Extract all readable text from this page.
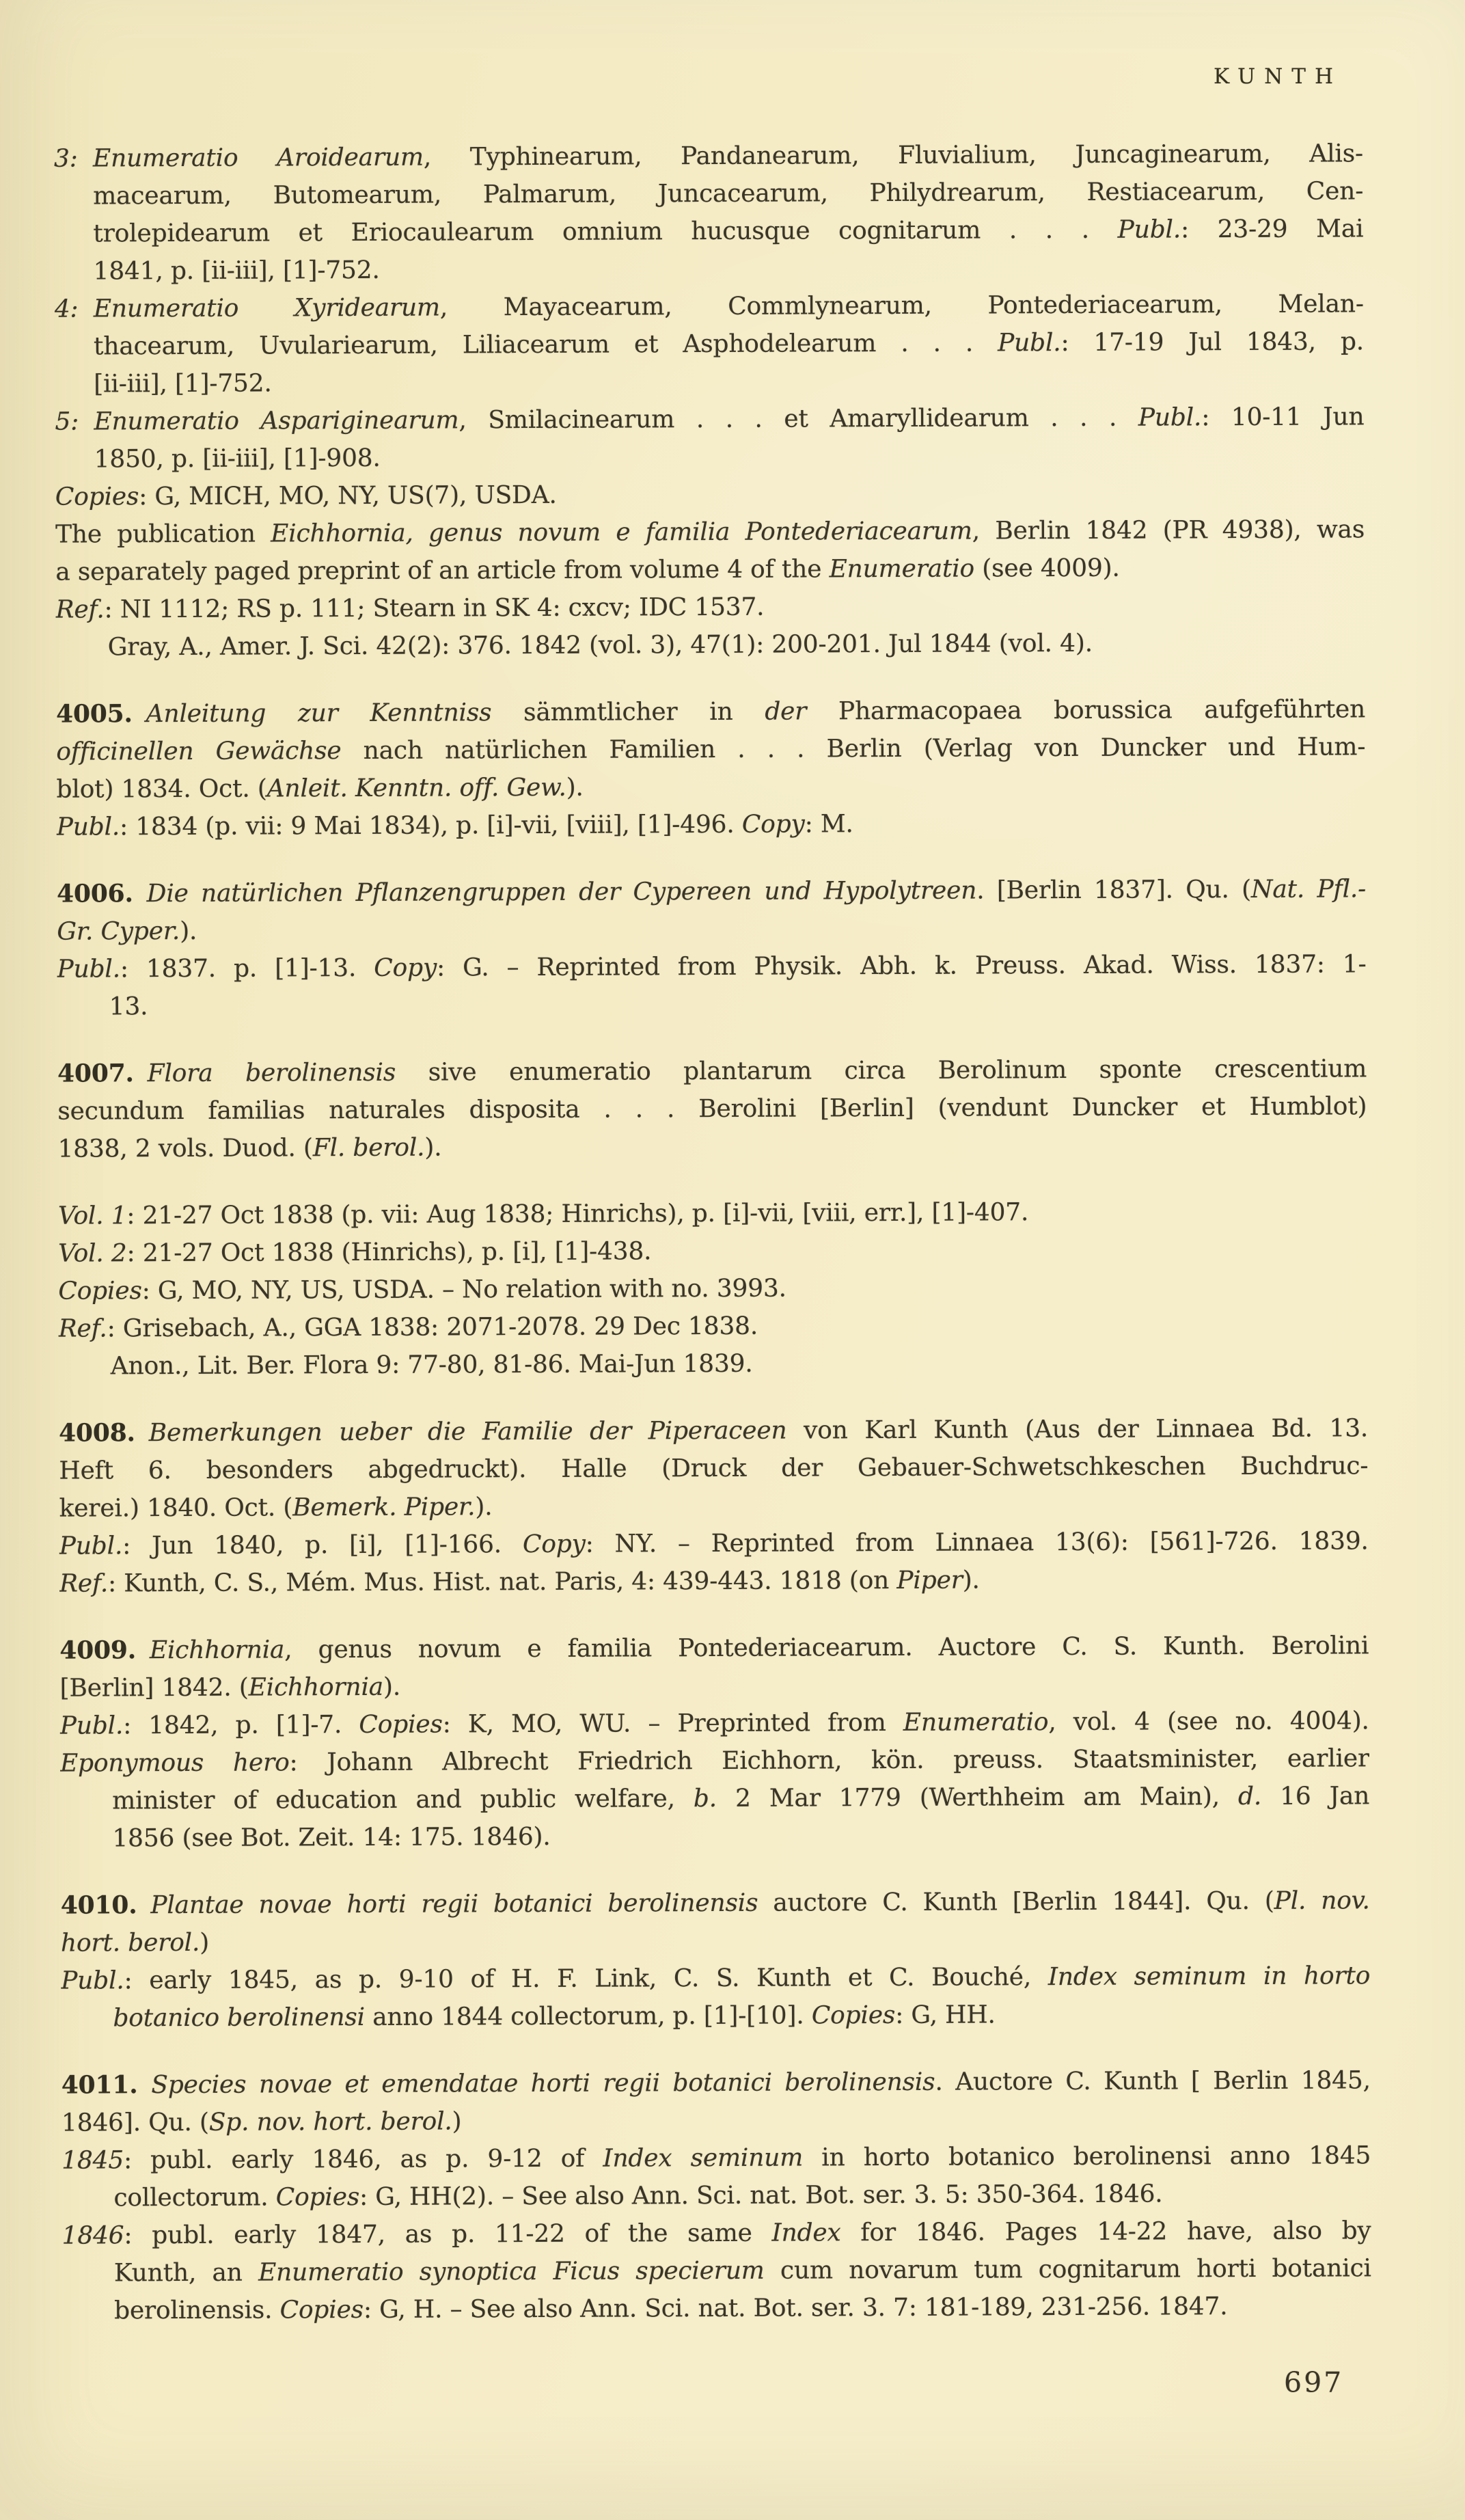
KUNTH
3: Enumeratio Aroidearum, Typhinearum, Pandanearum, Fluvialium, Juncaginearum, Alis-
macearum, Butomearum, Palmarum, Juncacearum, Philydrearum, Restiacearum, Cen-
trolepidearum et Eriocaulearum omnium hucusque cognitarum . . . Publ.: 23-29 Mai
1841, p. [ii-iii], [1]-752.
4: Enumeratio Xyridearum, Mayacearum, Commlynearum, Pontederiacearum, Melan-
thacearum, Uvulariearum, Liliacearum et Asphodelearum . . . Publ.: 17-19 Jul 1843, p.
[ii-iii], [1]-752.
5: Enumeratio Aspariginearum, Smilacinearum . . . et Amaryllidearum . . . Publ.: 10-11 Jun
1850, p. [ii-iii], [1]-908.
Copies: G, MICH, MO, NY, US(7), USDA.
The publication Eichhornia, genus novum e familia Pontederiacearum, Berlin 1842 (PR 4938), was
a separately paged preprint of an article from volume 4 of the Enumeratio (see 4009).
Ref.: NI 1112; RS p. 111; Stearn in SK 4: cxcv; IDC 1537.
Gray, A., Amer. J. Sci. 42(2): 376. 1842 (vol. 3), 47(1): 200-201. Jul 1844 (vol. 4).
4005. Anleitung zur Kenntniss sämmtlicher in der Pharmacopaea borussica aufgeführten
officinellen Gewächse nach natürlichen Familien . . . Berlin (Verlag von Duncker und Hum-
blot) 1834. Oct. (Anleit. Kenntn. off. Gew.).
Publ.: 1834 (p. vii: 9 Mai 1834), p. [i]-vii, [viii], [1]-496. Copy: M.
4006. Die natürlichen Pflanzengruppen der Cypereen und Hypolytreen. [Berlin 1837]. Qu. (Nat. Pfl.-
Gr. Cyper.).
Publ.: 1837. p. [1]-13. Copy: G. – Reprinted from Physik. Abh. k. Preuss. Akad. Wiss. 1837: 1-
13.
4007. Flora berolinensis sive enumeratio plantarum circa Berolinum sponte crescentium
secundum familias naturales disposita . . . Berolini [Berlin] (vendunt Duncker et Humblot)
1838, 2 vols. Duod. (Fl. berol.).
Vol. 1: 21-27 Oct 1838 (p. vii: Aug 1838; Hinrichs), p. [i]-vii, [viii, err.], [1]-407.
Vol. 2: 21-27 Oct 1838 (Hinrichs), p. [i], [1]-438.
Copies: G, MO, NY, US, USDA. – No relation with no. 3993.
Ref.: Grisebach, A., GGA 1838: 2071-2078. 29 Dec 1838.
Anon., Lit. Ber. Flora 9: 77-80, 81-86. Mai-Jun 1839.
4008. Bemerkungen ueber die Familie der Piperaceen von Karl Kunth (Aus der Linnaea Bd. 13.
Heft 6. besonders abgedruckt). Halle (Druck der Gebauer-Schwetschkeschen Buchdruc-
kerei.) 1840. Oct. (Bemerk. Piper.).
Publ.: Jun 1840, p. [i], [1]-166. Copy: NY. – Reprinted from Linnaea 13(6): [561]-726. 1839.
Ref.: Kunth, C. S., Mém. Mus. Hist. nat. Paris, 4: 439-443. 1818 (on Piper).
4009. Eichhornia, genus novum e familia Pontederiacearum. Auctore C. S. Kunth. Berolini
[Berlin] 1842. (Eichhornia).
Publ.: 1842, p. [1]-7. Copies: K, MO, WU. – Preprinted from Enumeratio, vol. 4 (see no. 4004).
Eponymous hero: Johann Albrecht Friedrich Eichhorn, kön. preuss. Staatsminister, earlier
minister of education and public welfare, b. 2 Mar 1779 (Werthheim am Main), d. 16 Jan
1856 (see Bot. Zeit. 14: 175. 1846).
4010. Plantae novae horti regii botanici berolinensis auctore C. Kunth [Berlin 1844]. Qu. (Pl. nov.
hort. berol.)
Publ.: early 1845, as p. 9-10 of H. F. Link, C. S. Kunth et C. Bouché, Index seminum in horto
botanico berolinensi anno 1844 collectorum, p. [1]-[10]. Copies: G, HH.
4011. Species novae et emendatae horti regii botanici berolinensis. Auctore C. Kunth [ Berlin 1845,
1846]. Qu. (Sp. nov. hort. berol.)
1845: publ. early 1846, as p. 9-12 of Index seminum in horto botanico berolinensi anno 1845
collectorum. Copies: G, HH(2). – See also Ann. Sci. nat. Bot. ser. 3. 5: 350-364. 1846.
1846: publ. early 1847, as p. 11-22 of the same Index for 1846. Pages 14-22 have, also by
Kunth, an Enumeratio synoptica Ficus specierum cum novarum tum cognitarum horti botanici
berolinensis. Copies: G, H. – See also Ann. Sci. nat. Bot. ser. 3. 7: 181-189, 231-256. 1847.
697
